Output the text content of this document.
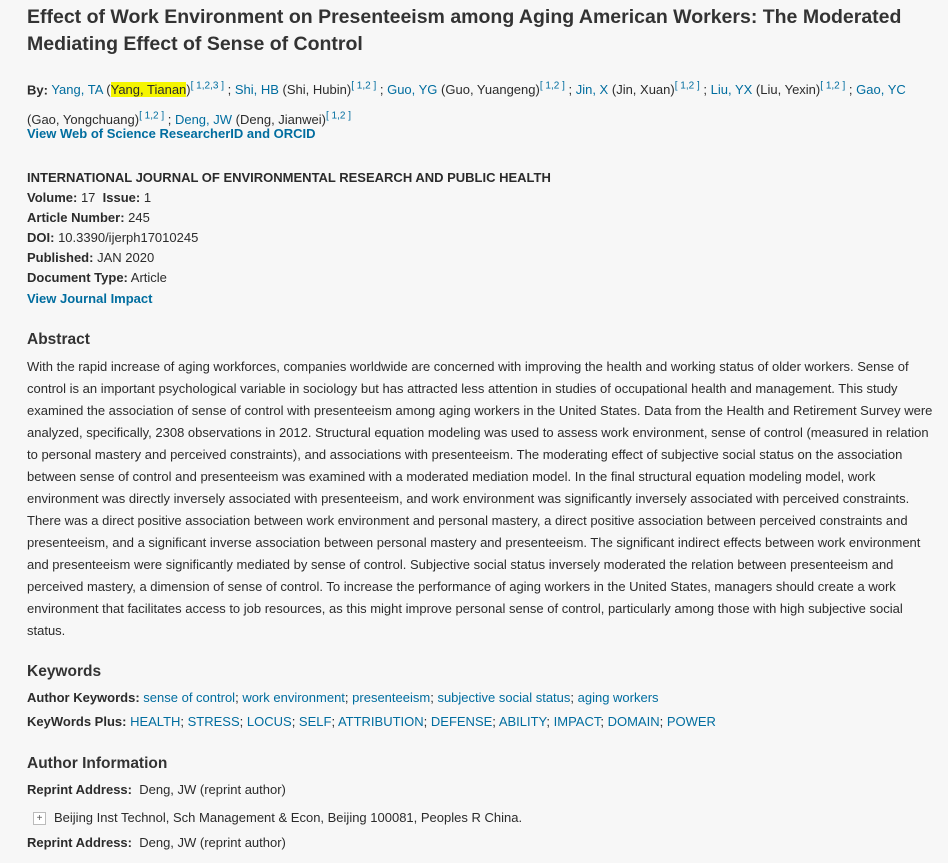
Effect of Work Environment on Presenteeism among Aging American Workers: The Moderated Mediating Effect of Sense of Control
By: Yang, TA (Yang, Tianan)[ 1,2,3 ] ; Shi, HB (Shi, Hubin)[ 1,2 ] ; Guo, YG (Guo, Yuangeng)[ 1,2 ] ; Jin, X (Jin, Xuan)[ 1,2 ] ; Liu, YX (Liu, Yexin)[ 1,2 ] ; Gao, YC (Gao, Yongchuang)[ 1,2 ] ; Deng, JW (Deng, Jianwei)[ 1,2 ]
View Web of Science ResearcherID and ORCID
INTERNATIONAL JOURNAL OF ENVIRONMENTAL RESEARCH AND PUBLIC HEALTH
Volume: 17 Issue: 1
Article Number: 245
DOI: 10.3390/ijerph17010245
Published: JAN 2020
Document Type: Article
View Journal Impact
Abstract
With the rapid increase of aging workforces, companies worldwide are concerned with improving the health and working status of older workers. Sense of control is an important psychological variable in sociology but has attracted less attention in studies of occupational health and management. This study examined the association of sense of control with presenteeism among aging workers in the United States. Data from the Health and Retirement Survey were analyzed, specifically, 2308 observations in 2012. Structural equation modeling was used to assess work environment, sense of control (measured in relation to personal mastery and perceived constraints), and associations with presenteeism. The moderating effect of subjective social status on the association between sense of control and presenteeism was examined with a moderated mediation model. In the final structural equation modeling model, work environment was directly inversely associated with presenteeism, and work environment was significantly inversely associated with perceived constraints. There was a direct positive association between work environment and personal mastery, a direct positive association between perceived constraints and presenteeism, and a significant inverse association between personal mastery and presenteeism. The significant indirect effects between work environment and presenteeism were significantly mediated by sense of control. Subjective social status inversely moderated the relation between presenteeism and perceived mastery, a dimension of sense of control. To increase the performance of aging workers in the United States, managers should create a work environment that facilitates access to job resources, as this might improve personal sense of control, particularly among those with high subjective social status.
Keywords
Author Keywords: sense of control; work environment; presenteeism; subjective social status; aging workers
KeyWords Plus: HEALTH; STRESS; LOCUS; SELF; ATTRIBUTION; DEFENSE; ABILITY; IMPACT; DOMAIN; POWER
Author Information
Reprint Address: Deng, JW (reprint author)
+ Beijing Inst Technol, Sch Management & Econ, Beijing 100081, Peoples R China.
Reprint Address: Deng, JW (reprint author)
